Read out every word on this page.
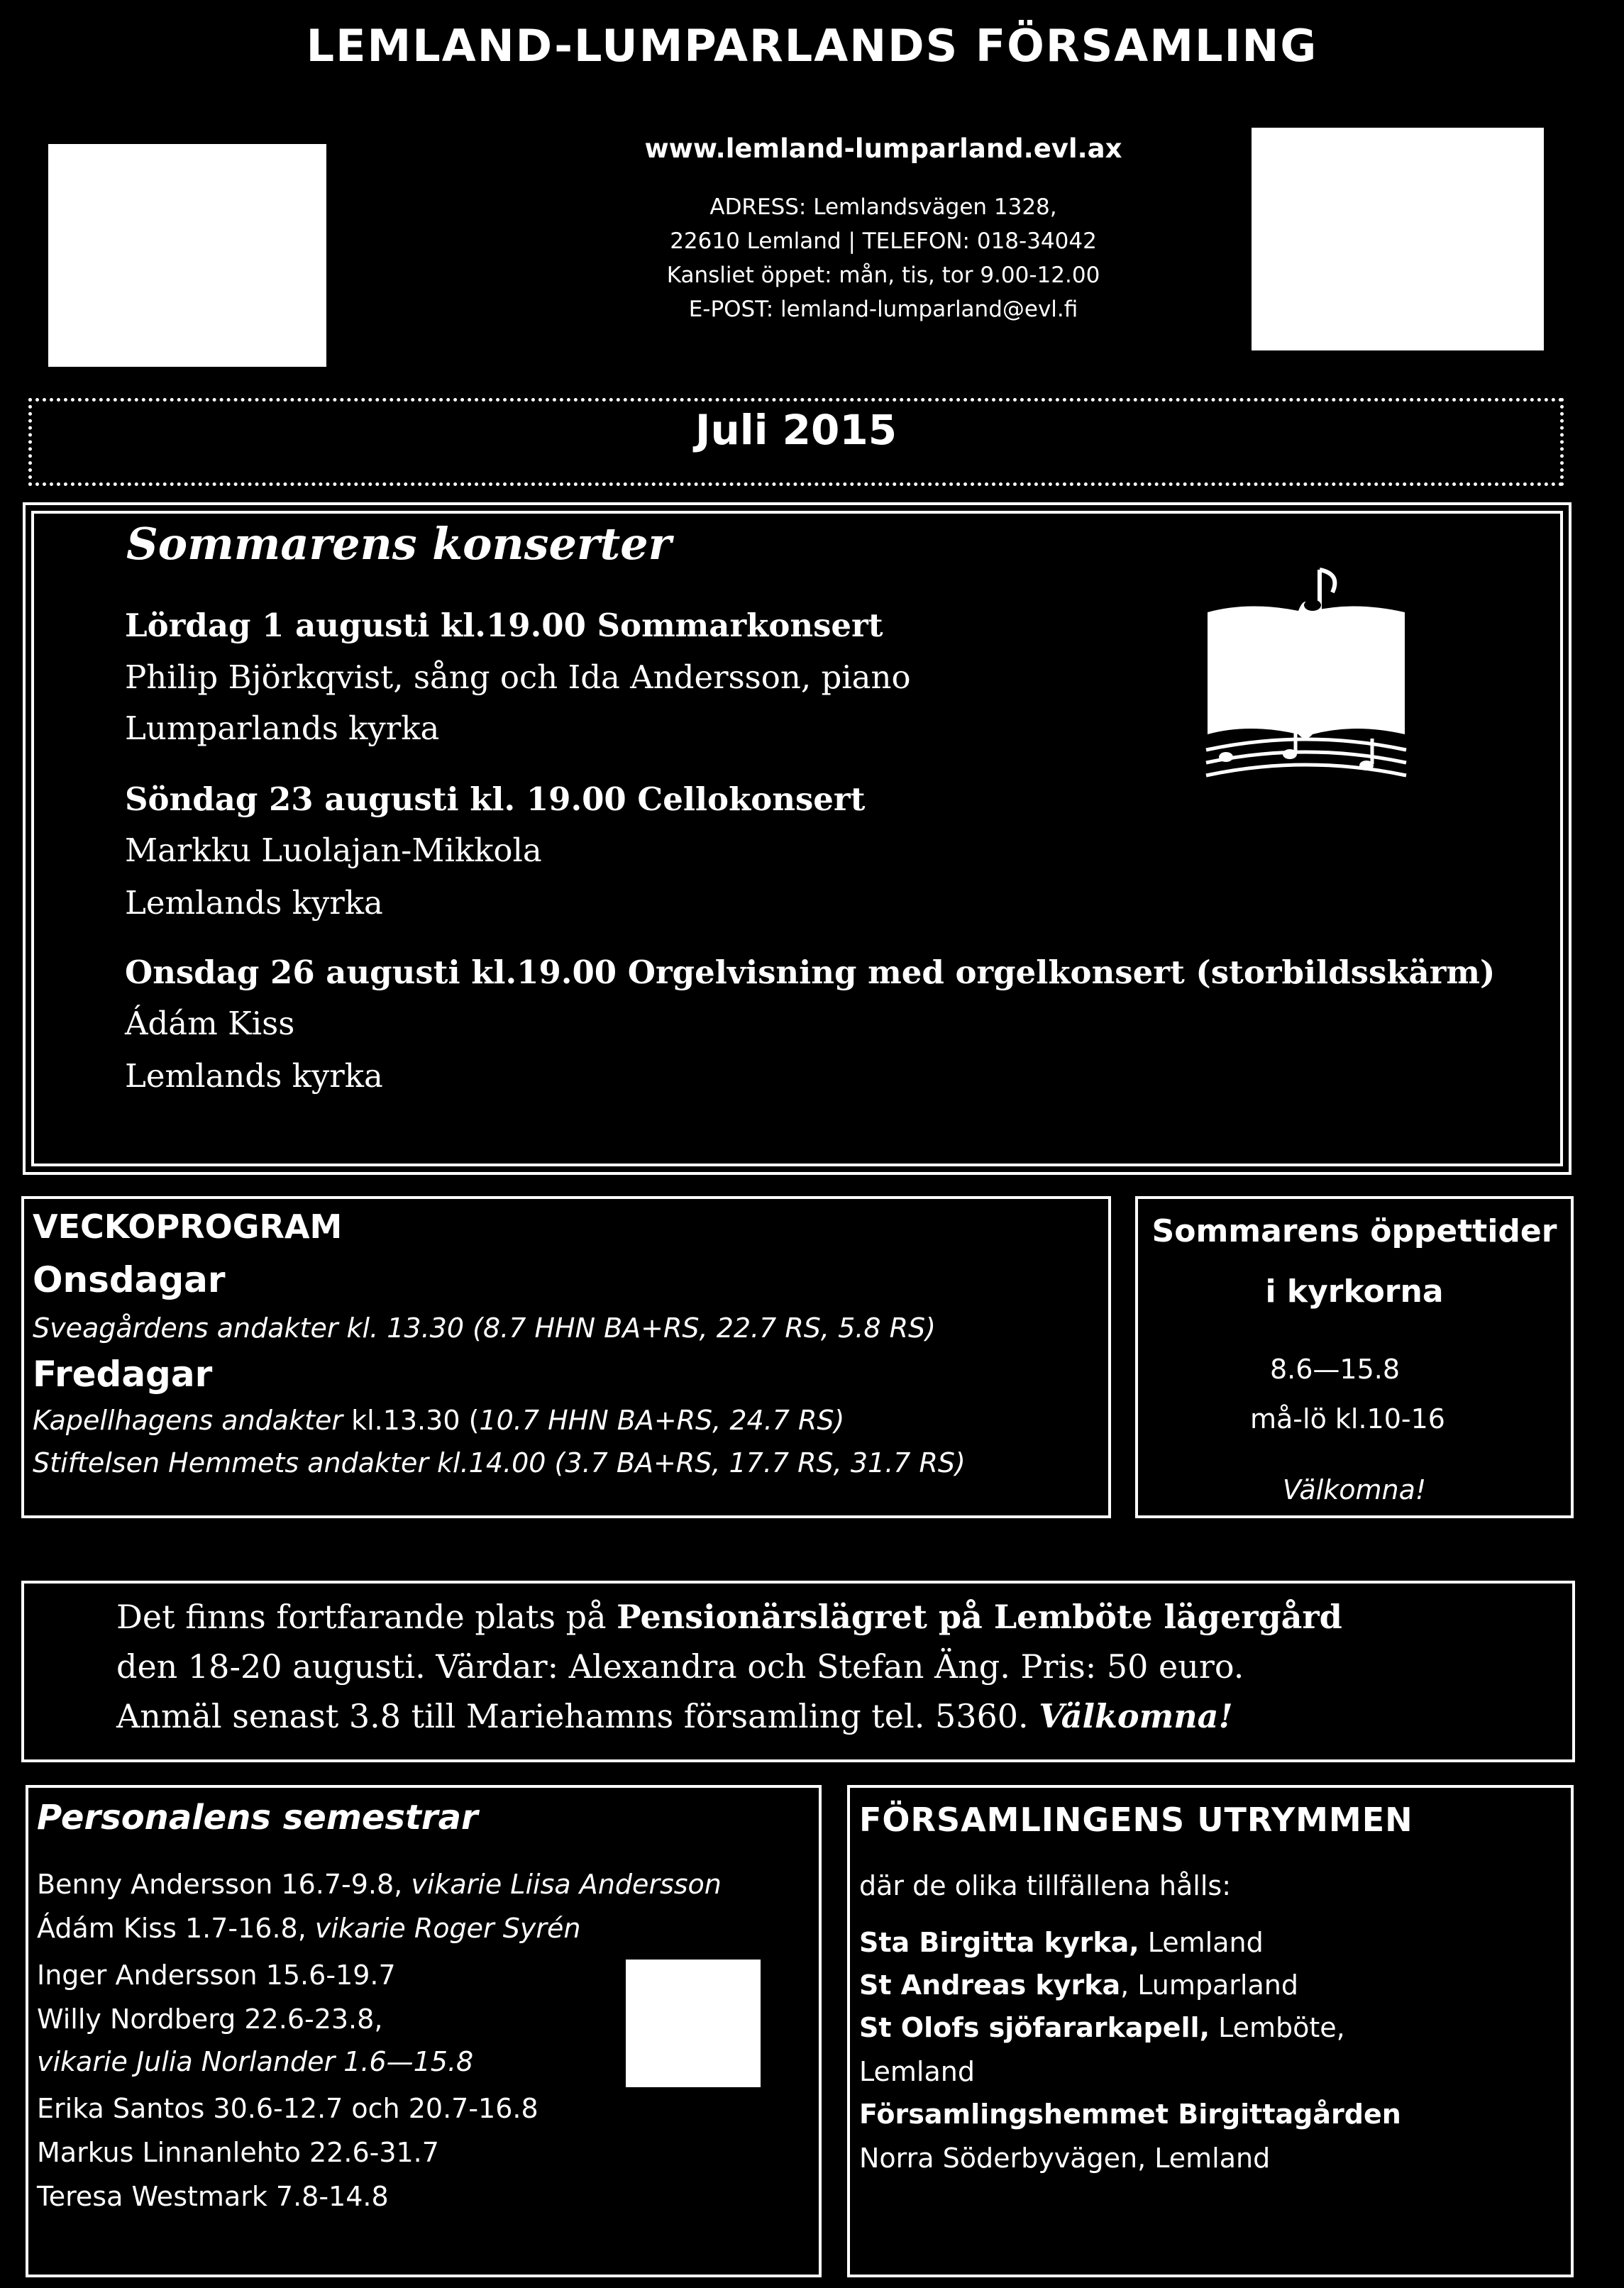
LEMLAND-LUMPARLANDS FÖRSAMLING
www.lemland-lumparland.evl.ax
ADRESS: Lemlandsvägen 1328,
22610 Lemland | TELEFON: 018-34042
Kansliet öppet: mån, tis, tor 9.00-12.00
E-POST: lemland-lumparland@evl.fi
Juli 2015
Sommarens konserter
Lördag 1 augusti kl.19.00 Sommarkonsert
Philip Björkqvist, sång och Ida Andersson, piano
Lumparlands kyrka
Söndag 23 augusti kl. 19.00 Cellokonsert
Markku Luolajan-Mikkola
Lemlands kyrka
Onsdag 26 augusti kl.19.00 Orgelvisning med orgelkonsert (storbildsskärm)
Ádám Kiss
Lemlands kyrka
VECKOPROGRAM
Onsdagar
Sveagårdens andakter kl. 13.30 (8.7 HHN BA+RS, 22.7 RS, 5.8 RS)
Fredagar
Kapellhagens andakter kl.13.30 (10.7 HHN BA+RS, 24.7 RS)
Stiftelsen Hemmets andakter kl.14.00 (3.7 BA+RS, 17.7 RS, 31.7 RS)
Sommarens öppettider
i kyrkorna
8.6—15.8
må-lö kl.10-16
Välkomna!
Det finns fortfarande plats på Pensionärslägret på Lemböte lägergård
den 18-20 augusti. Värdar: Alexandra och Stefan Äng. Pris: 50 euro.
Anmäl senast 3.8 till Mariehamns församling tel. 5360. Välkomna!
Personalens semestrar
Benny Andersson 16.7-9.8, vikarie Liisa Andersson
Ádám Kiss 1.7-16.8, vikarie Roger Syrén
Inger Andersson 15.6-19.7
Willy Nordberg 22.6-23.8,
vikarie Julia Norlander 1.6—15.8
Erika Santos 30.6-12.7 och 20.7-16.8
Markus Linnanlehto 22.6-31.7
Teresa Westmark 7.8-14.8
FÖRSAMLINGENS UTRYMMEN
där de olika tillfällena hålls:
Sta Birgitta kyrka, Lemland
St Andreas kyrka, Lumparland
St Olofs sjöfararkapell, Lemböte,
Lemland
Församlingshemmet Birgittagården
Norra Söderbyvägen, Lemland
